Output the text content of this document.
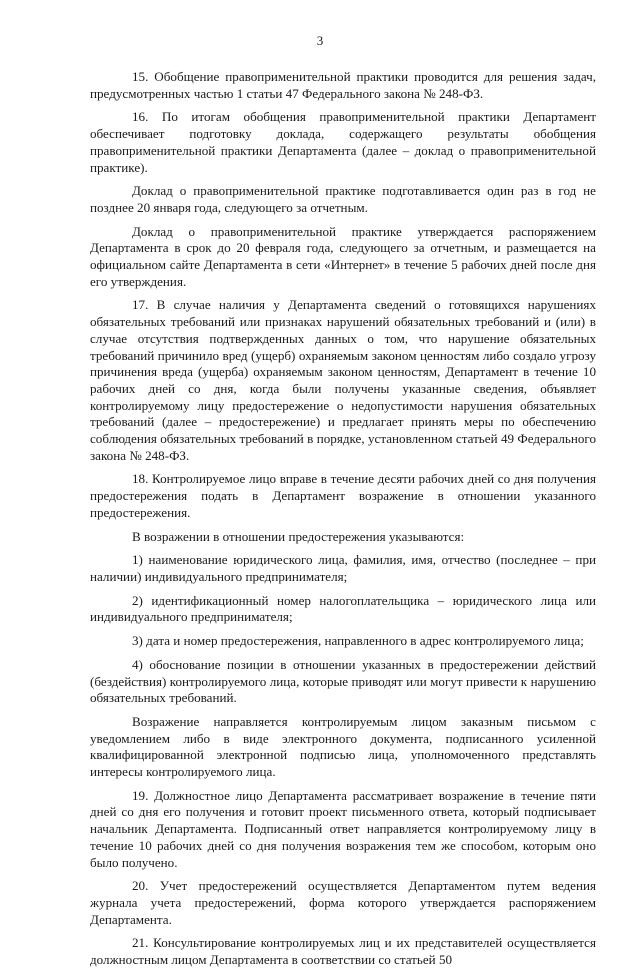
3

15. Обобщение правоприменительной практики проводится для решения задач, предусмотренных частью 1 статьи 47 Федерального закона № 248-ФЗ.

16. По итогам обобщения правоприменительной практики Департамент обеспечивает подготовку доклада, содержащего результаты обобщения правоприменительной практики Департамента (далее – доклад о правоприменительной практике).

Доклад о правоприменительной практике подготавливается один раз в год не позднее 20 января года, следующего за отчетным.

Доклад о правоприменительной практике утверждается распоряжением Департамента в срок до 20 февраля года, следующего за отчетным, и размещается на официальном сайте Департамента в сети «Интернет» в течение 5 рабочих дней после дня его утверждения.

17. В случае наличия у Департамента сведений о готовящихся нарушениях обязательных требований или признаках нарушений обязательных требований и (или) в случае отсутствия подтвержденных данных о том, что нарушение обязательных требований причинило вред (ущерб) охраняемым законом ценностям либо создало угрозу причинения вреда (ущерба) охраняемым законом ценностям, Департамент в течение 10 рабочих дней со дня, когда были получены указанные сведения, объявляет контролируемому лицу предостережение о недопустимости нарушения обязательных требований (далее – предостережение) и предлагает принять меры по обеспечению соблюдения обязательных требований в порядке, установленном статьей 49 Федерального закона № 248-ФЗ.

18. Контролируемое лицо вправе в течение десяти рабочих дней со дня получения предостережения подать в Департамент возражение в отношении указанного предостережения.

В возражении в отношении предостережения указываются:

1) наименование юридического лица, фамилия, имя, отчество (последнее – при наличии) индивидуального предпринимателя;

2) идентификационный номер налогоплательщика – юридического лица или индивидуального предпринимателя;

3) дата и номер предостережения, направленного в адрес контролируемого лица;

4) обоснование позиции в отношении указанных в предостережении действий (бездействия) контролируемого лица, которые приводят или могут привести к нарушению обязательных требований.

Возражение направляется контролируемым лицом заказным письмом с уведомлением либо в виде электронного документа, подписанного усиленной квалифицированной электронной подписью лица, уполномоченного представлять интересы контролируемого лица.

19. Должностное лицо Департамента рассматривает возражение в течение пяти дней со дня его получения и готовит проект письменного ответа, который подписывает начальник Департамента. Подписанный ответ направляется контролируемому лицу в течение 10 рабочих дней со дня получения возражения тем же способом, которым оно было получено.

20. Учет предостережений осуществляется Департаментом путем ведения журнала учета предостережений, форма которого утверждается распоряжением Департамента.

21. Консультирование контролируемых лиц и их представителей осуществляется должностным лицом Департамента в соответствии со статьей 50
